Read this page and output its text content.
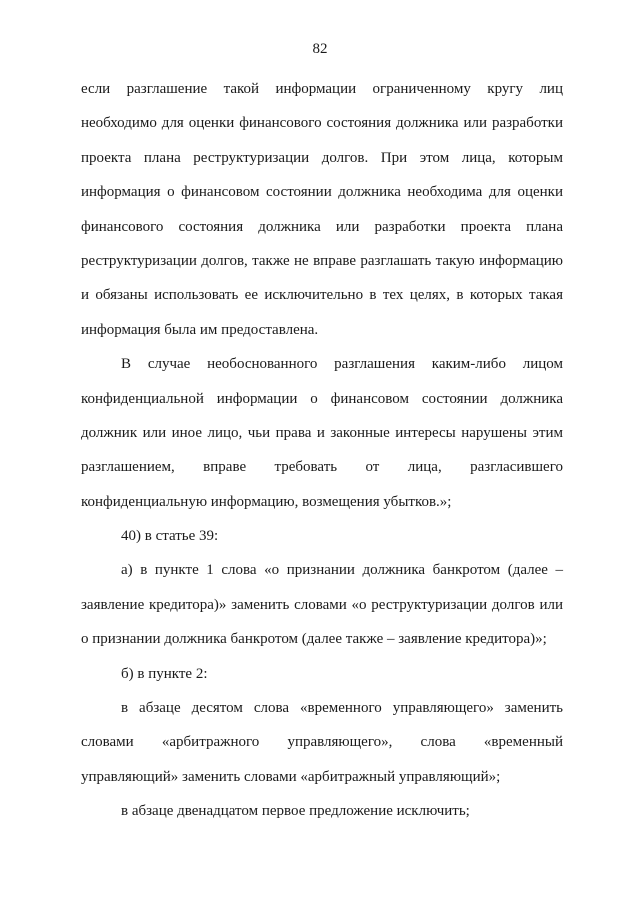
82
если разглашение такой информации ограниченному кругу лиц
необходимо для оценки финансового состояния должника или разработки
проекта плана реструктуризации долгов. При этом лица, которым
информация о финансовом состоянии должника необходима для оценки
финансового состояния должника или разработки проекта плана
реструктуризации долгов, также не вправе разглашать такую информацию
и обязаны использовать ее исключительно в тех целях, в которых такая
информация была им предоставлена.
В случае необоснованного разглашения каким-либо лицом
конфиденциальной информации о финансовом состоянии должника
должник или иное лицо, чьи права и законные интересы нарушены этим
разглашением, вправе требовать от лица, разгласившего
конфиденциальную информацию, возмещения убытков.»;
40) в статье 39:
а) в пункте 1 слова «о признании должника банкротом (далее –
заявление кредитора)» заменить словами «о реструктуризации долгов или
о признании должника банкротом (далее также – заявление кредитора)»;
б) в пункте 2:
в абзаце десятом слова «временного управляющего» заменить
словами «арбитражного управляющего», слова «временный
управляющий» заменить словами «арбитражный управляющий»;
в абзаце двенадцатом первое предложение исключить;
